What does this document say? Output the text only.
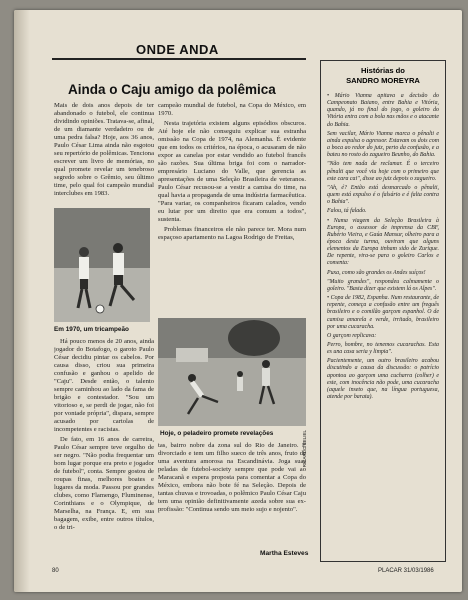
ONDE ANDA
Ainda o Caju amigo da polêmica

Mais de dois anos depois de ter abandonado o futebol, ele continua dividindo opiniões. Tratava-se, afinal, de um diamante verdadeiro ou de uma pedra falsa? Hoje, aos 36 anos, Paulo César Lima ainda não esgotou seu repertório de polêmicas. Tenciona escrever um livro de memórias, no qual promete revelar um tenebroso segredo sobre o Grêmio, seu último time, pelo qual foi campeão mundial interclubes em 1983.

campeão mundial de futebol, na Copa do México, em 1970.

Nesta trajetória existem alguns episódios obscuros. Até hoje ele não conseguiu explicar sua estranha omissão na Copa de 1974, na Alemanha. É evidente que em todos os critérios, na época, o acusaram de não expor as canelas por estar vendido ao futebol francês são razões. Sua última briga foi com o narrador-empresário Luciano do Valle, que gerencia as apresentações de uma Seleção Brasileira de veteranos. Paulo César recusou-se a vestir a camisa do time, na qual havia a propaganda de uma indústria farmacêutica. "Para variar, os companheiros ficaram calados, vendo eu lutar por um direito que era comum a todos", sustenta.

Problemas financeiros ele não parece ter. Mora num espaçoso apartamento na Lagoa Rodrigo de Freitas,

Em 1970, um tricampeão
Hoje, o peladeiro promete revelações	RICARDO BELIEL

Há pouco menos de 20 anos, ainda jogador do Botafogo, o garoto Paulo César decidiu pintar os cabelos. Por causa disso, criou sua primeira confusão e ganhou o apelido de "Caju". Desde então, o talento sempre caminhou ao lado da fama de brigão e contestador. "Sou um vitorioso e, se perdi de jogar, não foi por vontade própria", dispara, sempre acusado por cartolas de incompetentes e racistas.

De fato, em 16 anos de carreira, Paulo César sempre teve orgulho de ser negro. "Não podia frequentar um bom lugar porque era preto e jogador de futebol", conta. Sempre gostou de roupas finas, melhores boates e lugares da moda. Passou por grandes clubes, como Flamengo, Fluminense, Corinthians e o Olympique, de Marselha, na França. E, em sua bagagem, exibe, entre outros títulos, o de tri-

tas, bairro nobre da zona sul do Rio de Janeiro. É divorciado e tem um filho sueco de três anos, fruto de uma aventura amorosa na Escandinávia. Joga suas peladas de futebol-society sempre que pode vai ao Maracanã e espera proposta para comentar a Copa do México, embora não bote fé na Seleção. Depois de tantas chuvas e trovoadas, o polêmico Paulo César Caju tem uma opinião definitivamente azeda sobre sua ex-profissão: "Continua sendo um meio sujo e nojento".

Martha Esteves
Histórias do
SANDRO MOREYRA

• Mário Vianna apitava a decisão do Campeonato Baiano, entre Bahia e Vitória, quando, já no final do jogo, o goleiro do Vitória entra com a bola nas mãos e o atacante do Bahia.

Sem vacilar, Mário Vianna marca o pênalti e ainda expulsa o agressor. Estavam os dois com a boca ao redor do juiz, perto da confusão, e a bateu no rosto do zagueiro Beunho, do Bahia.

"Não tem nada de reclamar. É o terceiro pênalti que você viu hoje com o primeiro que este cara cai", disse ao juiz depois o zagueiro.

"Ah, é? Então está desmarcado o pênalti, quem está expulso é o falsário e é falta contra o Bahia".

Falou, tá falado.

• Numa viagem da Seleção Brasileira à Europa, o assessor de imprensa da CBF, Rubério Vieira, e Gaúa Mansur, olheiro para a época desta turma, ouviram que alguns elementos da Europa tinham sido de Zurique. De repente, vira-se para o goleiro Carlos e comenta:

Puxa, como são grandes os Andes suíços!

"Muito grandes", respondeu calmamente o goleiro. "Basta dizer que existem lá os Alpes".

• Copa de 1982, Espanha. Num restaurante, de repente, começa a confusão entre um freguês brasileiro e o comilão garçom espanhol. O de camisa amarela e verde, irritado, brasileiro por uma cucaracha.

O garçom replicava:

Perro, hombre, no tenemos cucarachas. Esta es una casa seria y limpia".

Pacientemente, um outro brasileiro acabou discutindo a causa da discussão: o patrício apontou ao garçom uma cucharra (colher) e este, com inocência não pode, uma cucaracha (aquele inseto que, na língua portuguesa, atende por barata).

80	PLACAR 31/03/1986
